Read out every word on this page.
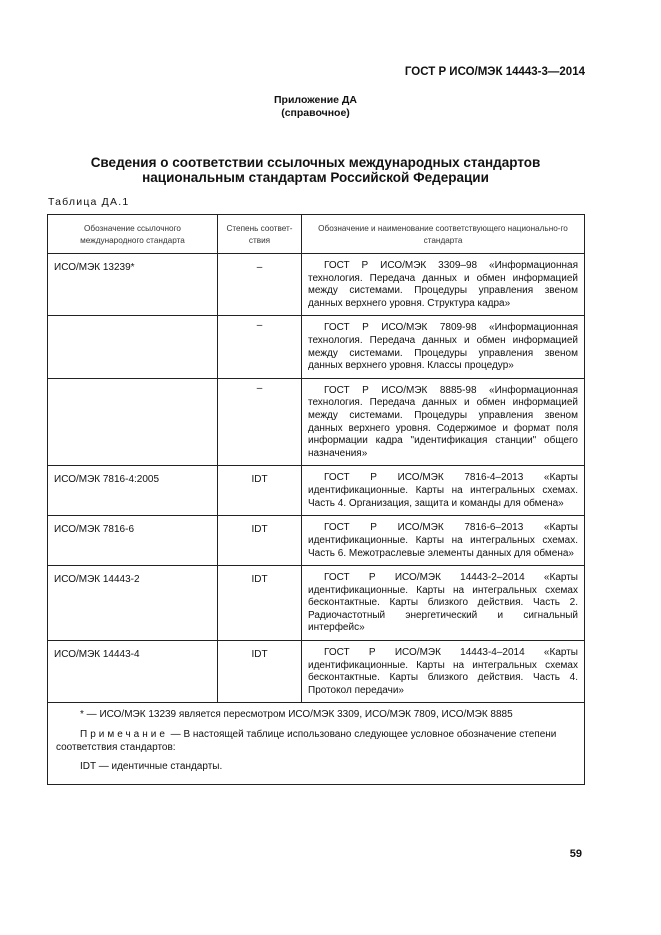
ГОСТ Р ИСО/МЭК 14443-3—2014
Приложение ДА
(справочное)
Сведения о соответствии ссылочных международных стандартов
национальным стандартам Российской Федерации
Таблица ДА.1
Обозначение ссылочного международного стандарта	Степень соответ-ствия	Обозначение и наименование соответствующего национально-го стандарта
ИСО/МЭК 13239*	–	ГОСТ Р ИСО/МЭК 3309–98 «Информационная технология. Передача данных и обмен информацией между системами. Процедуры управления звеном данных верхнего уровня. Структура кадра»

	–	ГОСТ Р ИСО/МЭК 7809-98 «Информационная технология. Передача данных и обмен информацией между системами. Процедуры управления звеном данных верхнего уровня. Классы процедур»

	–	ГОСТ Р ИСО/МЭК 8885-98 «Информационная технология. Передача данных и обмен информацией между системами. Процедуры управления звеном данных верхнего уровня. Содержимое и формат поля информации кадра "идентификация станции" общего назначения»

ИСО/МЭК 7816-4:2005	IDT	ГОСТ Р ИСО/МЭК 7816-4–2013 «Карты идентификационные. Карты на интегральных схемах. Часть 4. Организация, защита и команды для обмена»

ИСО/МЭК 7816-6	IDT	ГОСТ Р ИСО/МЭК 7816-6–2013 «Карты идентификационные. Карты на интегральных схемах. Часть 6. Межотраслевые элементы данных для обмена»

ИСО/МЭК 14443-2	IDT	ГОСТ Р ИСО/МЭК 14443-2–2014 «Карты идентификационные. Карты на интегральных схемах бесконтактные. Карты близкого действия. Часть 2. Радиочастотный энергетический и сигнальный интерфейс»

ИСО/МЭК 14443-4	IDT	ГОСТ Р ИСО/МЭК 14443-4–2014 «Карты идентификационные. Карты на интегральных схемах бесконтактные. Карты близкого действия. Часть 4. Протокол передачи»

* — ИСО/МЭК 13239 является пересмотром ИСО/МЭК 3309, ИСО/МЭК 7809, ИСО/МЭК 8885

Примечание — В настоящей таблице использовано следующее условное обозначение степени соответствия стандартов:

IDT — идентичные стандарты.		

59
